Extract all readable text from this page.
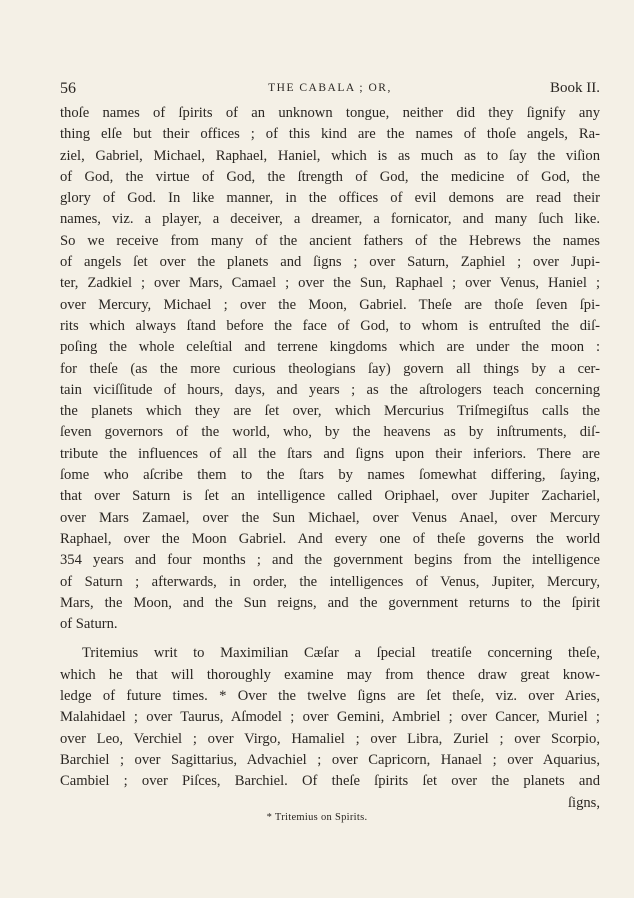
56	THE CABALA ; OR,	Book II.
thoſe names of ſpirits of an unknown tongue, neither did they ſignify any
thing elſe but their offices ; of this kind are the names of thoſe angels, Ra-
ziel, Gabriel, Michael, Raphael, Haniel, which is as much as to ſay the viſion
of God, the virtue of God, the ſtrength of God, the medicine of God, the
glory of God. In like manner, in the offices of evil demons are read their
names, viz. a player, a deceiver, a dreamer, a fornicator, and many ſuch like.
So we receive from many of the ancient fathers of the Hebrews the names
of angels ſet over the planets and ſigns ; over Saturn, Zaphiel ; over Jupi-
ter, Zadkiel ; over Mars, Camael ; over the Sun, Raphael ; over Venus, Haniel ;
over Mercury, Michael ; over the Moon, Gabriel. Theſe are thoſe ſeven ſpi-
rits which always ſtand before the face of God, to whom is entruſted the diſ-
poſing the whole celeſtial and terrene kingdoms which are under the moon :
for theſe (as the more curious theologians ſay) govern all things by a cer-
tain viciſſitude of hours, days, and years ; as the aſtrologers teach concerning
the planets which they are ſet over, which Mercurius Triſmegiſtus calls the
ſeven governors of the world, who, by the heavens as by inſtruments, diſ-
tribute the influences of all the ſtars and ſigns upon their inferiors. There are
ſome who aſcribe them to the ſtars by names ſomewhat differing, ſaying,
that over Saturn is ſet an intelligence called Oriphael, over Jupiter Zachariel,
over Mars Zamael, over the Sun Michael, over Venus Anael, over Mercury
Raphael, over the Moon Gabriel. And every one of theſe governs the world
354 years and four months ; and the government begins from the intelligence
of Saturn ; afterwards, in order, the intelligences of Venus, Jupiter, Mercury,
Mars, the Moon, and the Sun reigns, and the government returns to the ſpirit
of Saturn.
Tritemius writ to Maximilian Cæſar a ſpecial treatiſe concerning theſe,
which he that will thoroughly examine may from thence draw great know-
ledge of future times. * Over the twelve ſigns are ſet theſe, viz. over Aries,
Malahidael ; over Taurus, Aſmodel ; over Gemini, Ambriel ; over Cancer, Muriel ;
over Leo, Verchiel ; over Virgo, Hamaliel ; over Libra, Zuriel ; over Scorpio,
Barchiel ; over Sagittarius, Advachiel ; over Capricorn, Hanael ; over Aquarius,
Cambiel ; over Piſces, Barchiel. Of theſe ſpirits ſet over the planets and
ſigns,
* Tritemius on Spirits.
